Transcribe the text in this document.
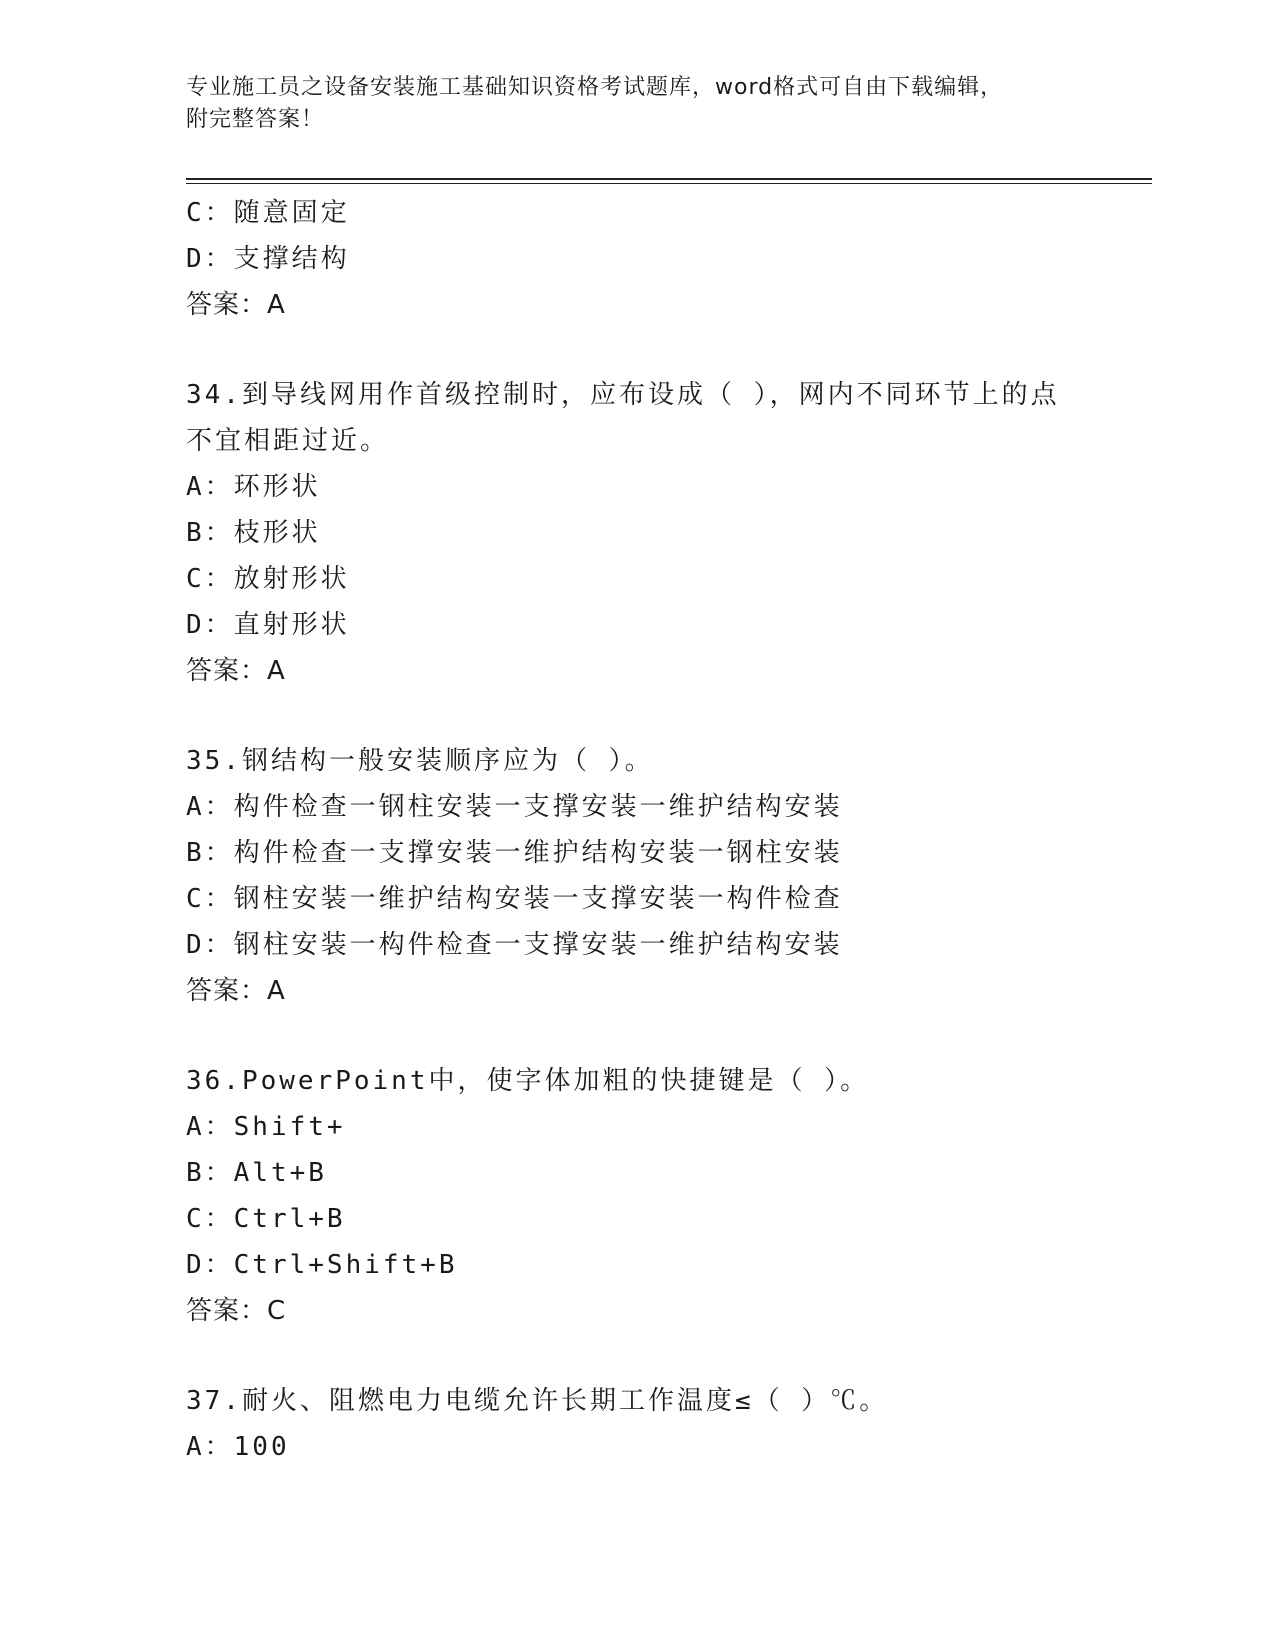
专业施工员之设备安装施工基础知识资格考试题库，word格式可自由下载编辑，
附完整答案！
C：随意固定
D：支撑结构
答案：A
34.到导线网用作首级控制时，应布设成（ ），网内不同环节上的点
不宜相距过近。
A：环形状
B：枝形状
C：放射形状
D：直射形状
答案：A
35.钢结构一般安装顺序应为（ ）。
A：构件检查一钢柱安装一支撑安装一维护结构安装
B：构件检查一支撑安装一维护结构安装一钢柱安装
C：钢柱安装一维护结构安装一支撑安装一构件检查
D：钢柱安装一构件检查一支撑安装一维护结构安装
答案：A
36.PowerPoint中，使字体加粗的快捷键是（ ）。
A：Shift+
B：Alt+B
C：Ctrl+B
D：Ctrl+Shift+B
答案：C
37.耐火、阻燃电力电缆允许长期工作温度≤（ ）℃。
A：100
